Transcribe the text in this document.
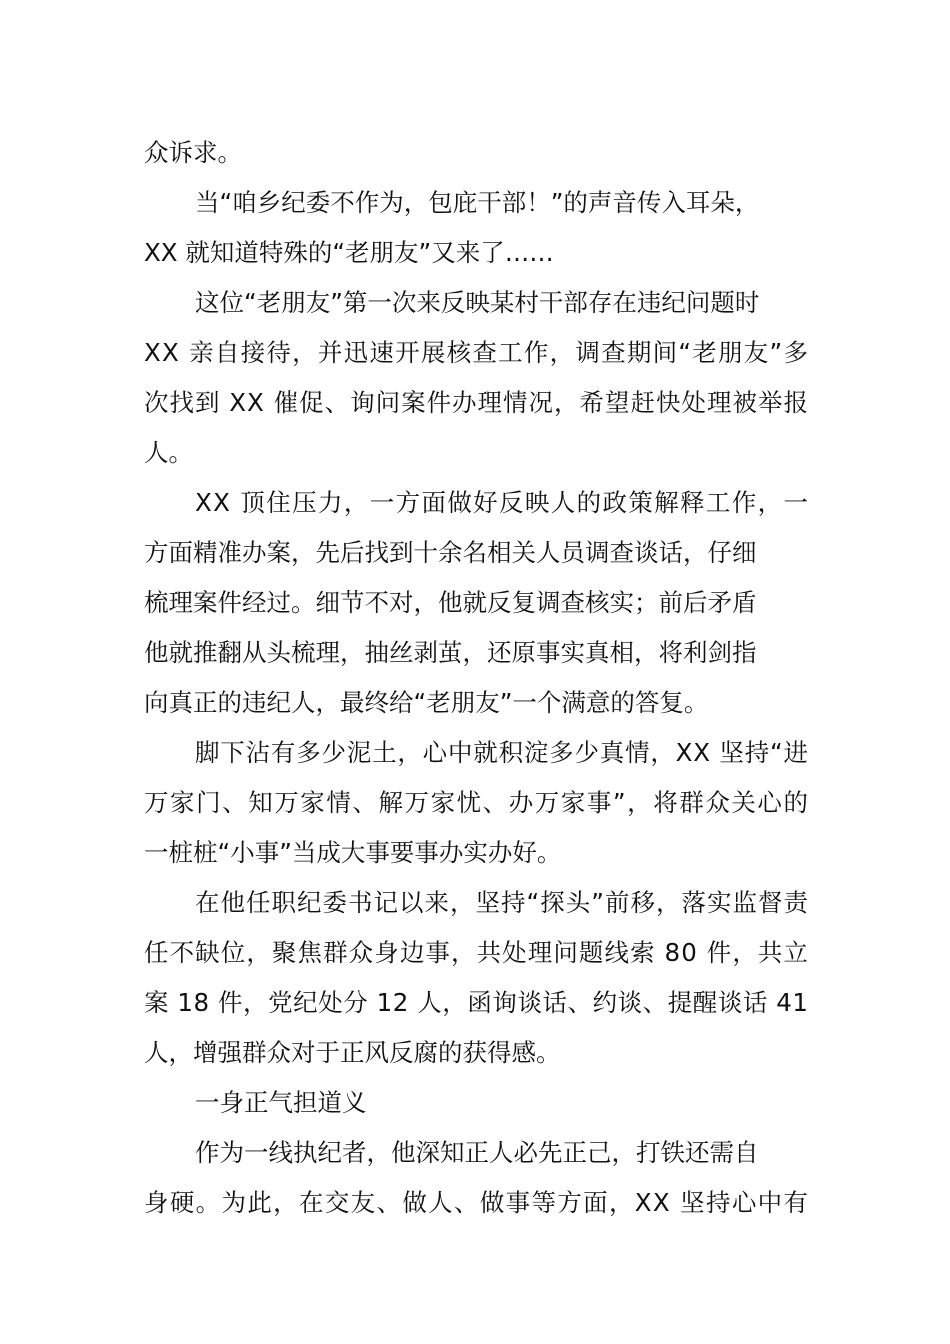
众诉求。
当“咱乡纪委不作为，包庇干部！”的声音传入耳朵，
XX 就知道特殊的“老朋友”又来了……
这位“老朋友”第一次来反映某村干部存在违纪问题时
XX 亲自接待，并迅速开展核查工作，调查期间“老朋友”多
次找到 XX 催促、询问案件办理情况，希望赶快处理被举报
人。
XX 顶住压力，一方面做好反映人的政策解释工作，一
方面精准办案，先后找到十余名相关人员调查谈话，仔细
梳理案件经过。细节不对，他就反复调查核实；前后矛盾
他就推翻从头梳理，抽丝剥茧，还原事实真相，将利剑指
向真正的违纪人，最终给“老朋友”一个满意的答复。
脚下沾有多少泥土，心中就积淀多少真情，XX 坚持“进
万家门、知万家情、解万家忧、办万家事”，将群众关心的
一桩桩“小事”当成大事要事办实办好。
在他任职纪委书记以来，坚持“探头”前移，落实监督责
任不缺位，聚焦群众身边事，共处理问题线索 80 件，共立
案 18 件，党纪处分 12 人，函询谈话、约谈、提醒谈话 41
人，增强群众对于正风反腐的获得感。
一身正气担道义
作为一线执纪者，他深知正人必先正己，打铁还需自
身硬。为此，在交友、做人、做事等方面，XX 坚持心中有
